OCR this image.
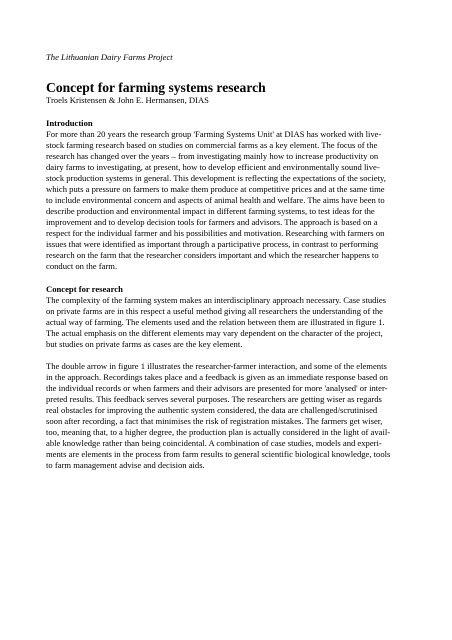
The Lithuanian Dairy Farms Project

Concept for farming systems research

Troels Kristensen & John E. Hermansen, DIAS

Introduction
For more than 20 years the research group 'Farming Systems Unit' at DIAS has worked with live-
stock farming research based on studies on commercial farms as a key element. The focus of the
research has changed over the years – from investigating mainly how to increase productivity on
dairy farms to investigating, at present, how to develop efficient and environmentally sound live-
stock production systems in general. This development is reflecting the expectations of the society,
which puts a pressure on farmers to make them produce at competitive prices and at the same time
to include environmental concern and aspects of animal health and welfare. The aims have been to
describe production and environmental impact in different farming systems, to test ideas for the
improvement and to develop decision tools for farmers and advisors. The approach is based on a
respect for the individual farmer and his possibilities and motivation. Researching with farmers on
issues that were identified as important through a participative process, in contrast to performing
research on the farm that the researcher considers important and which the researcher happens to
conduct on the farm.
Concept for research
The complexity of the farming system makes an interdisciplinary approach necessary. Case studies
on private farms are in this respect a useful method giving all researchers the understanding of the
actual way of farming. The elements used and the relation between them are illustrated in figure 1.
The actual emphasis on the different elements may vary dependent on the character of the project,
but studies on private farms as cases are the key element.
The double arrow in figure 1 illustrates the researcher-farmer interaction, and some of the elements
in the approach. Recordings takes place and a feedback is given as an immediate response based on
the individual records or when farmers and their advisors are presented for more 'analysed' or inter-
preted results. This feedback serves several purposes. The researchers are getting wiser as regards
real obstacles for improving the authentic system considered, the data are challenged/scrutinised
soon after recording, a fact that minimises the risk of registration mistakes. The farmers get wiser,
too, meaning that, to a higher degree, the production plan is actually considered in the light of avail-
able knowledge rather than being coincidental. A combination of case studies, models and experi-
ments are elements in the process from farm results to general scientific biological knowledge, tools
to farm management advise and decision aids.
